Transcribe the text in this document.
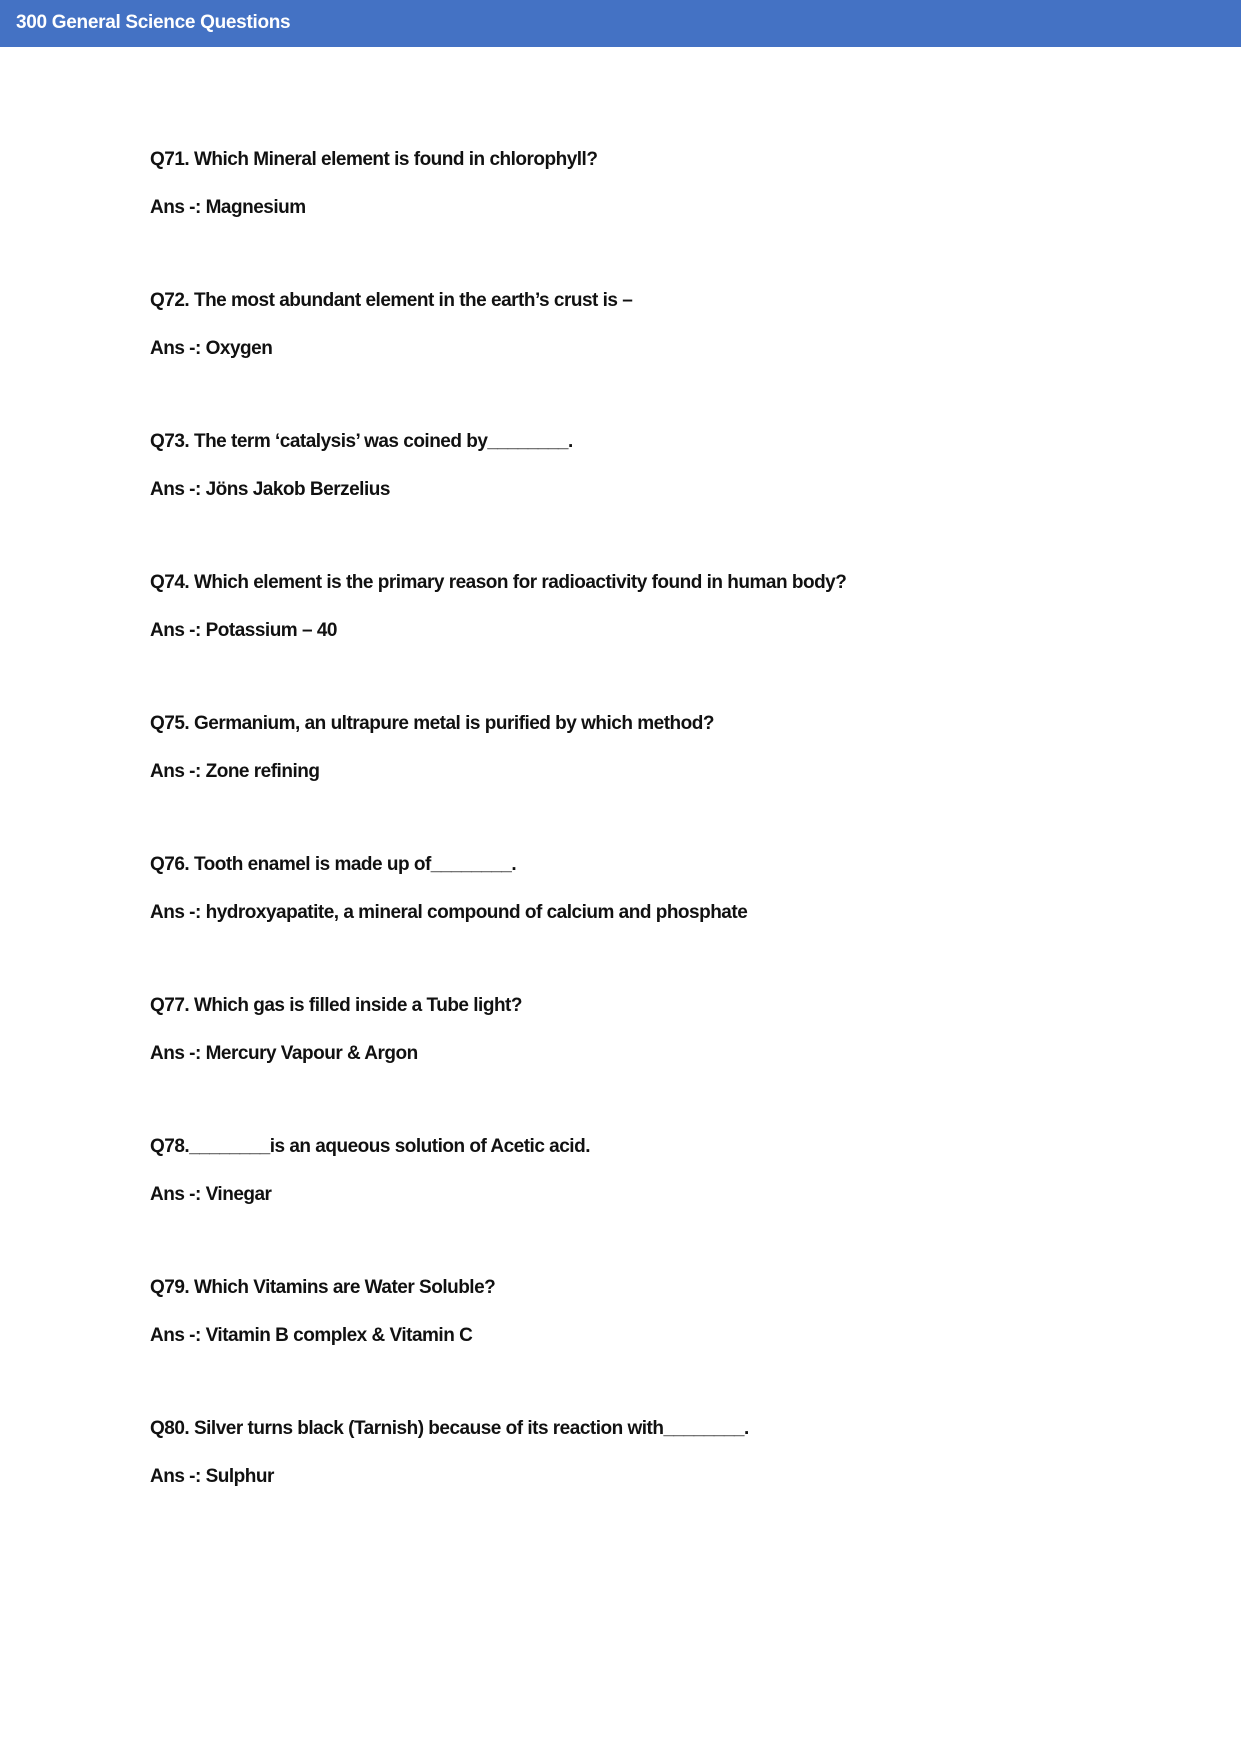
300 General Science Questions
Q71. Which Mineral element is found in chlorophyll?
Ans -: Magnesium
Q72. The most abundant element in the earth’s crust is –
Ans -: Oxygen
Q73. The term ‘catalysis’ was coined by________.
Ans -: Jöns Jakob Berzelius
Q74. Which element is the primary reason for radioactivity found in human body?
Ans -: Potassium – 40
Q75. Germanium, an ultrapure metal is purified by which method?
Ans -: Zone refining
Q76. Tooth enamel is made up of________.
Ans -: hydroxyapatite, a mineral compound of calcium and phosphate
Q77. Which gas is filled inside a Tube light?
Ans -: Mercury Vapour & Argon
Q78.________is an aqueous solution of Acetic acid.
Ans -: Vinegar
Q79. Which Vitamins are Water Soluble?
Ans -: Vitamin B complex & Vitamin C
Q80. Silver turns black (Tarnish) because of its reaction with________.
Ans -: Sulphur
